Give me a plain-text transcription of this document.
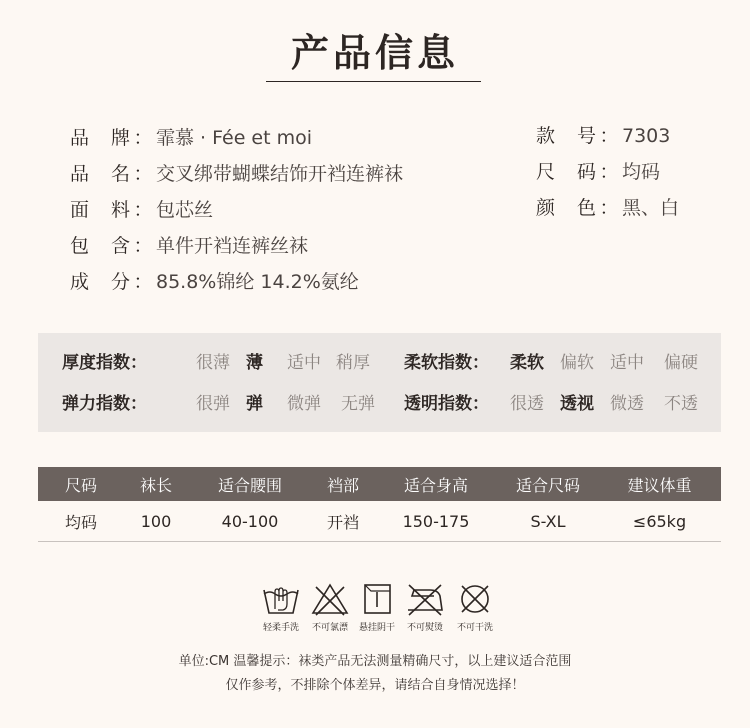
产品信息
品牌 ： 霏慕 · Fée et moi
品名 ： 交叉绑带蝴蝶结饰开裆连裤袜
面料 ： 包芯丝
包含 ： 单件开裆连裤丝袜
成分 ： 85.8%锦纶 14.2%氨纶
款号 ： 7303
尺码 ： 均码
颜色 ： 黑、白
厚度指数：	很薄 薄 适中 稍厚 柔软指数： 柔软 偏软 适中 偏硬
弹力指数：	很弹 弹 微弹 无弹 透明指数： 很透 透视 微透 不透
尺码	袜长	适合腰围	裆部	适合身高	适合尺码	建议体重
均码	100	40-100	开裆	150-175	S-XL	≤65kg
轻柔手洗	不可氯漂	悬挂阴干	不可熨烫	不可干洗
单位:CM 温馨提示：袜类产品无法测量精确尺寸，以上建议适合范围
仅作参考，不排除个体差异，请结合自身情况选择！
